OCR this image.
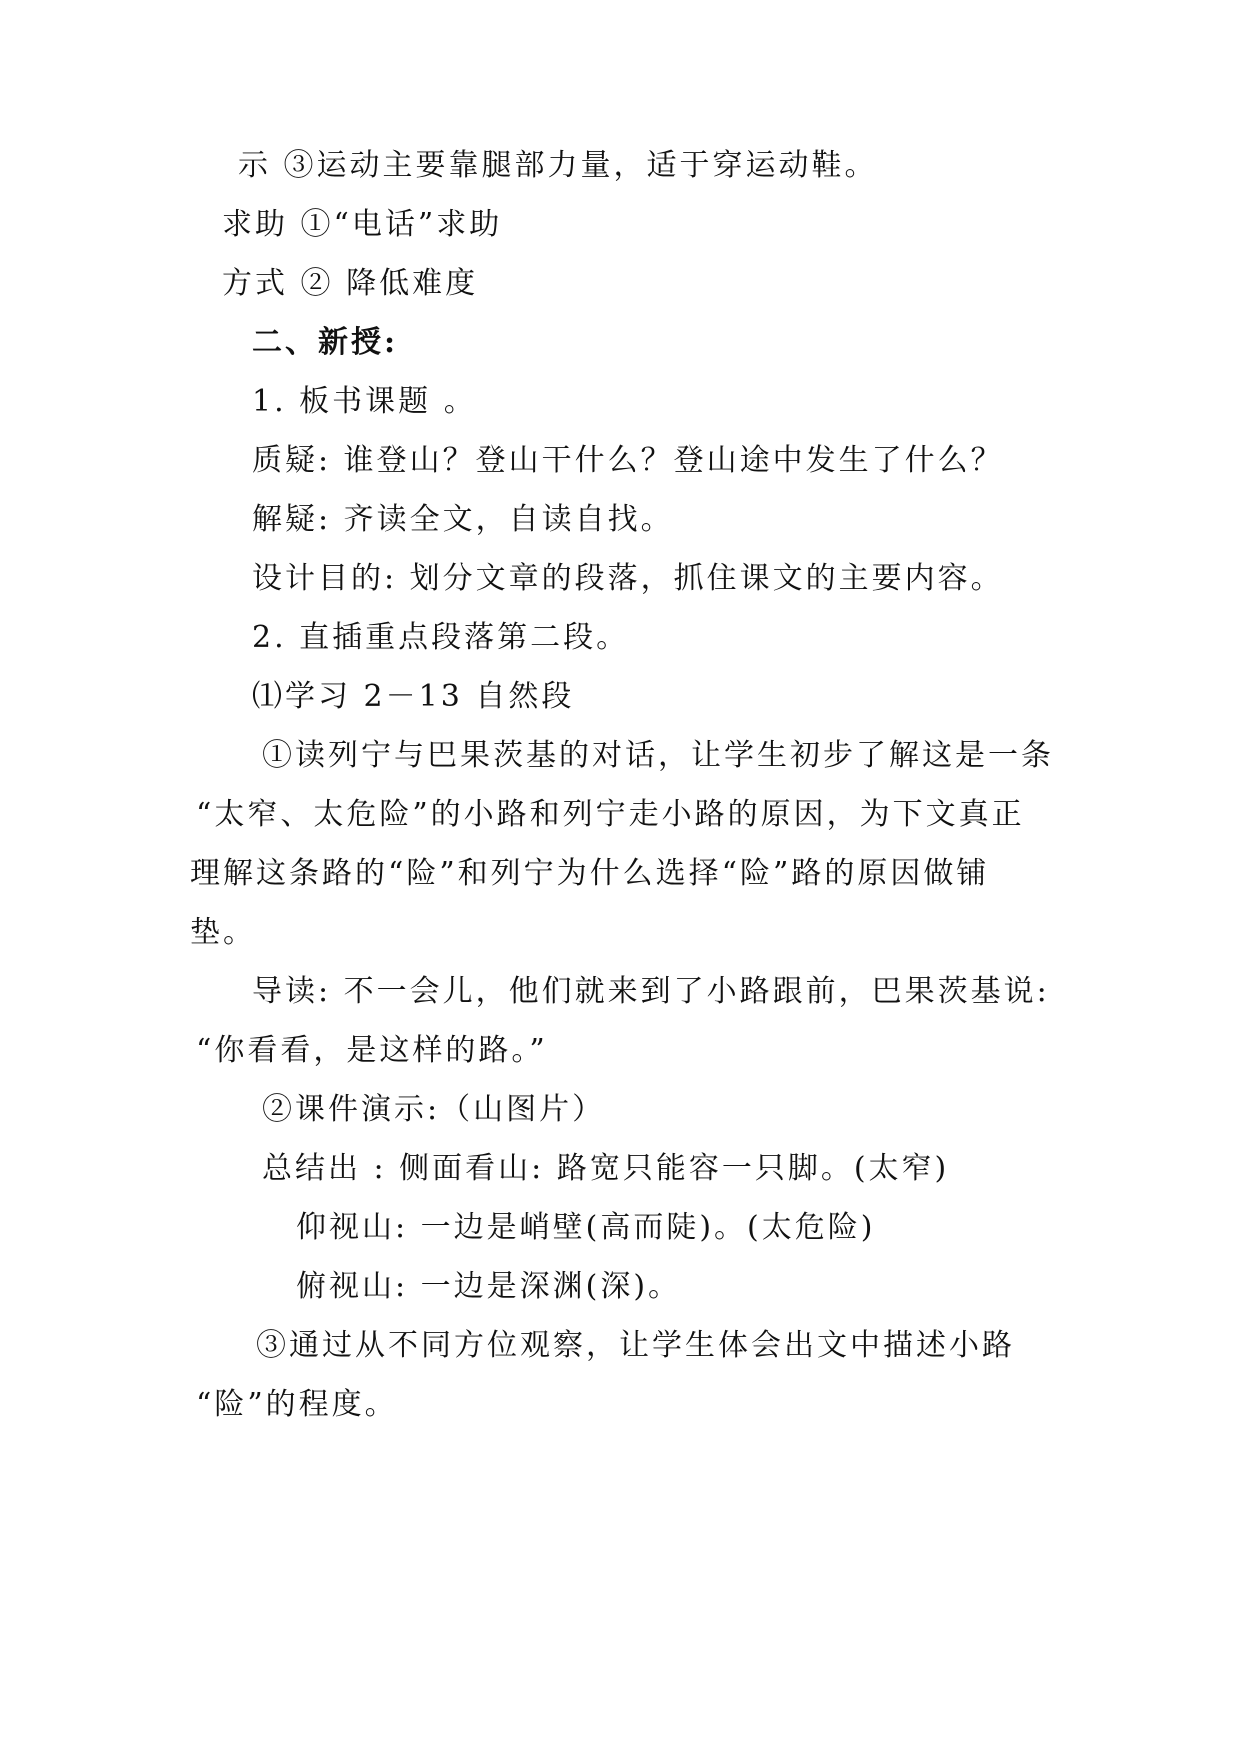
示 ③运动主要靠腿部力量，适于穿运动鞋。
求助 ①“电话”求助
方式 ② 降低难度
二、新授:
1. 板书课题 。
质疑: 谁登山？登山干什么？登山途中发生了什么？
解疑: 齐读全文，自读自找。
设计目的: 划分文章的段落，抓住课文的主要内容。
2. 直插重点段落第二段。
⑴学习 2－13 自然段
①读列宁与巴果茨基的对话，让学生初步了解这是一条
“太窄、太危险”的小路和列宁走小路的原因，为下文真正
理解这条路的“险”和列宁为什么选择“险”路的原因做铺
垫。
导读: 不一会儿，他们就来到了小路跟前，巴果茨基说:
“你看看，是这样的路。”
②课件演示:（山图片）
总结出 : 侧面看山: 路宽只能容一只脚。(太窄)
仰视山: 一边是峭壁(高而陡)。(太危险)
俯视山: 一边是深渊(深)。
③通过从不同方位观察，让学生体会出文中描述小路
“险”的程度。
